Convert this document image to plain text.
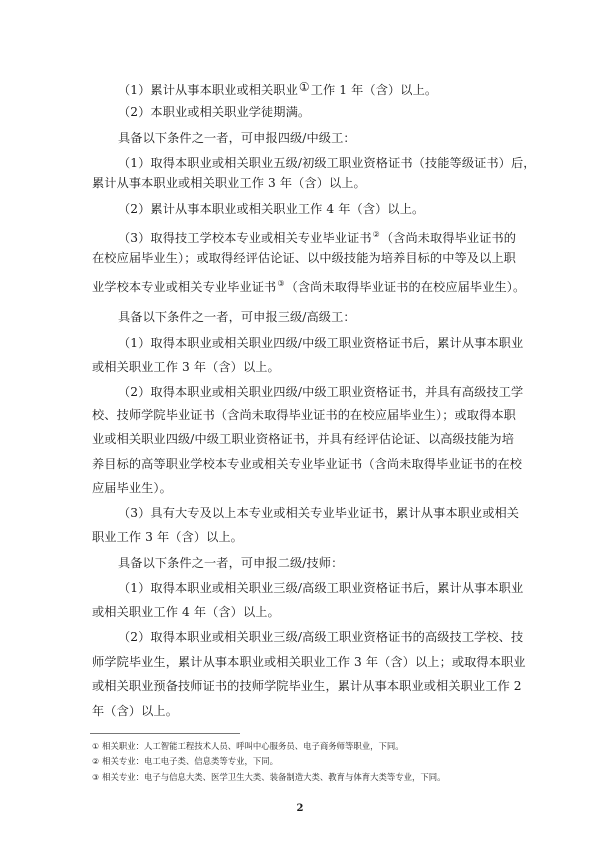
（1）累计从事本职业或相关职业①工作 1 年（含）以上。
（2）本职业或相关职业学徒期满。
具备以下条件之一者，可申报四级/中级工：
（1）取得本职业或相关职业五级/初级工职业资格证书（技能等级证书）后，
累计从事本职业或相关职业工作 3 年（含）以上。
（2）累计从事本职业或相关职业工作 4 年（含）以上。
（3）取得技工学校本专业或相关专业毕业证书②（含尚未取得毕业证书的
在校应届毕业生）；或取得经评估论证、以中级技能为培养目标的中等及以上职
业学校本专业或相关专业毕业证书③（含尚未取得毕业证书的在校应届毕业生）。
具备以下条件之一者，可申报三级/高级工：
（1）取得本职业或相关职业四级/中级工职业资格证书后，累计从事本职业
或相关职业工作 3 年（含）以上。
（2）取得本职业或相关职业四级/中级工职业资格证书，并具有高级技工学
校、技师学院毕业证书（含尚未取得毕业证书的在校应届毕业生）；或取得本职
业或相关职业四级/中级工职业资格证书，并具有经评估论证、以高级技能为培
养目标的高等职业学校本专业或相关专业毕业证书（含尚未取得毕业证书的在校
应届毕业生）。
（3）具有大专及以上本专业或相关专业毕业证书，累计从事本职业或相关
职业工作 3 年（含）以上。
具备以下条件之一者，可申报二级/技师：
（1）取得本职业或相关职业三级/高级工职业资格证书后，累计从事本职业
或相关职业工作 4 年（含）以上。
（2）取得本职业或相关职业三级/高级工职业资格证书的高级技工学校、技
师学院毕业生，累计从事本职业或相关职业工作 3 年（含）以上；或取得本职业
或相关职业预备技师证书的技师学院毕业生，累计从事本职业或相关职业工作 2
年（含）以上。
① 相关职业：人工智能工程技术人员、呼叫中心服务员、电子商务师等职业，下同。
② 相关专业：电工电子类、信息类等专业，下同。
③ 相关专业：电子与信息大类、医学卫生大类、装备制造大类、教育与体育大类等专业，下同。
2
